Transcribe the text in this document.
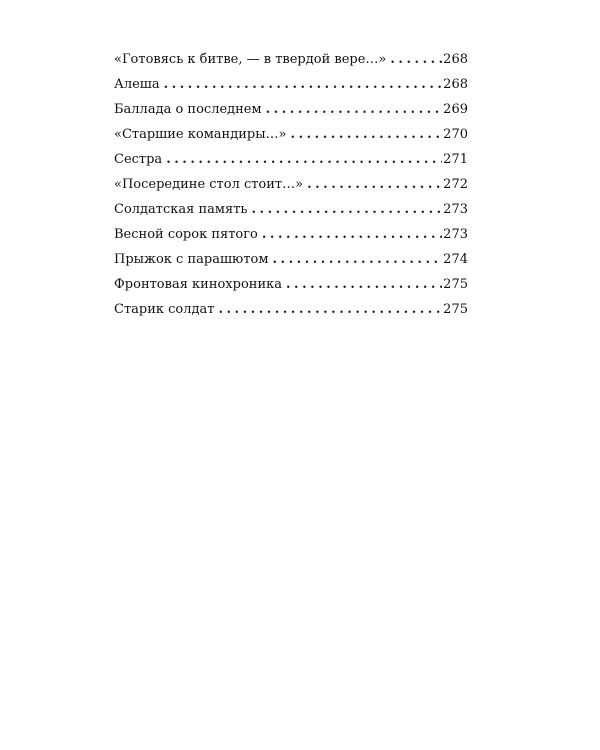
«Готовясь к битве, — в твердой вере…» . . .	268
Алеша . . .	268
Баллада о последнем . . .	269
«Старшие командиры…» . . .	270
Сестра . . .	271
«Посередине стол стоит…» . . .	272
Солдатская память . . .	273
Весной сорок пятого . . .	273
Прыжок с парашютом . . .	274
Фронтовая кинохроника . . .	275
Старик солдат . . .	275
